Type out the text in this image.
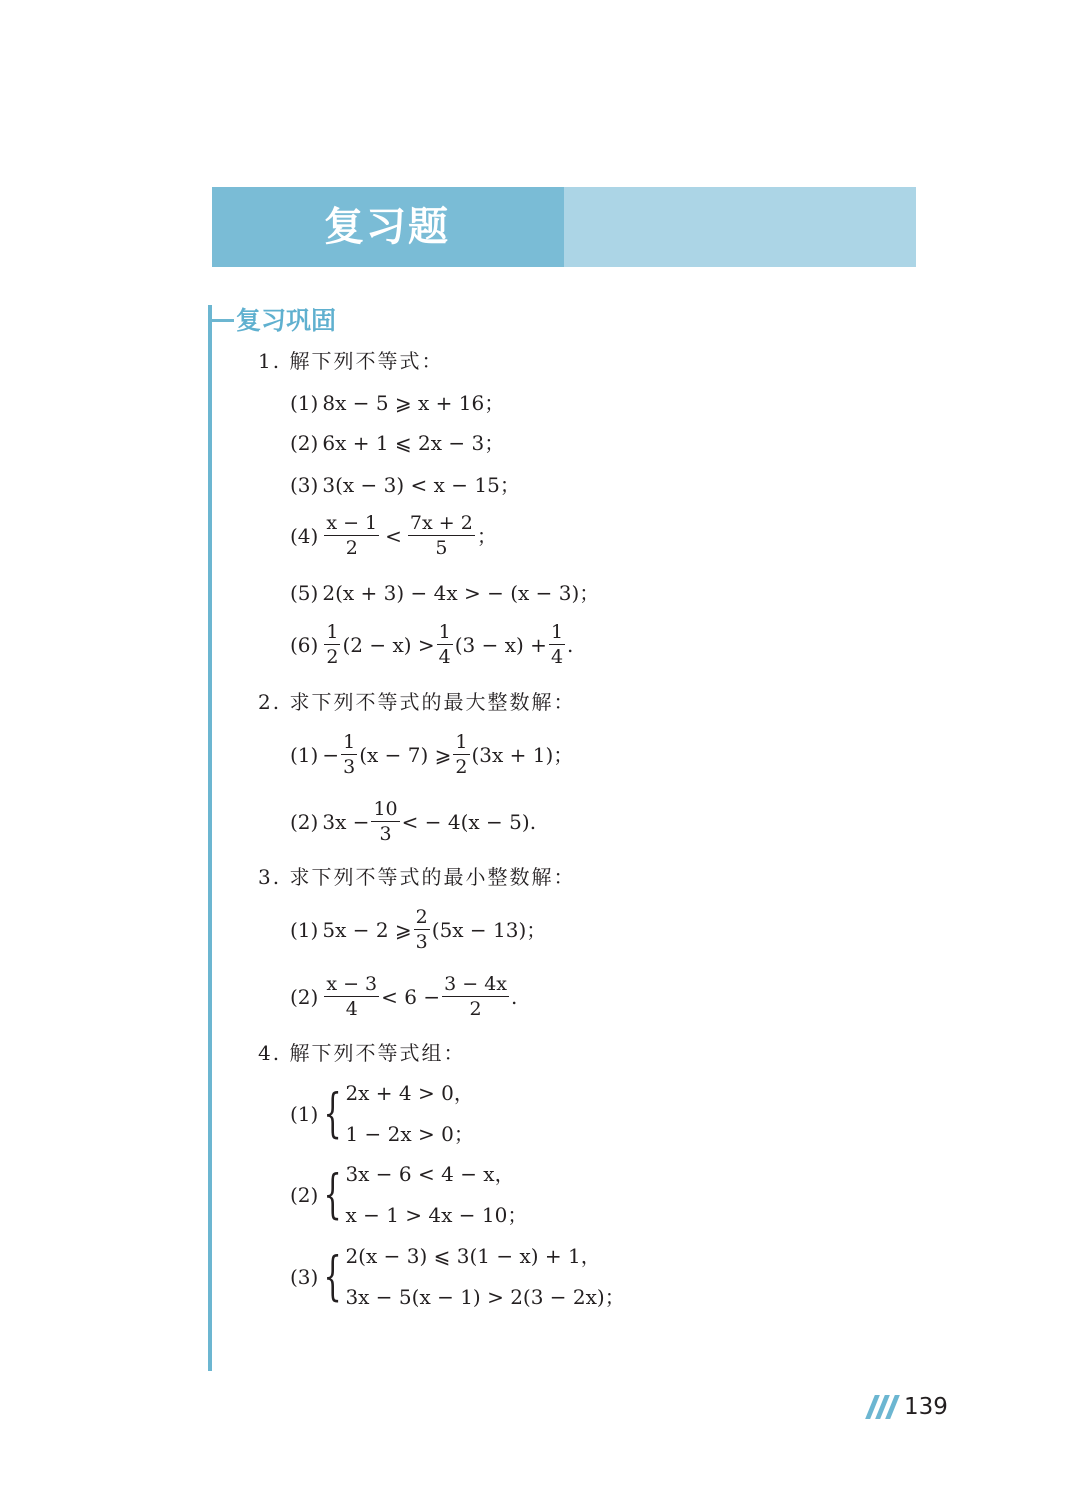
复习题
复习巩固
1. 解下列不等式：
(1) 8x − 5 ⩾ x + 16；
(2) 6x + 1 ⩽ 2x − 3；
(3) 3(x − 3) < x − 15；
$(4) \frac{x - 1}{2} < \frac{7x + 2}{5}$ ；
(5) 2(x + 3) − 4x > − (x − 3)；
$(6) \frac{1}{2} (2 - x) > \frac{1}{4} (3 - x) + \frac{1}{4}$ .
2. 求下列不等式的最大整数解：
$(1) - \frac{1}{3} (x - 7)$ ⩾ $\frac{1}{2} (3x + 1)$；
(2) $3x - \frac{10}{3}$ < − 4(x − 5).
3. 求下列不等式的最小整数解：
(1) 5x − 2 ⩾ $\frac{2}{3} (5x - 13)$；
$(2) \frac{x - 3}{4} < 6 - \frac{3 - 4x}{2}$ .
4. 解下列不等式组：
(1) { 2x + 4 > 0，
1 − 2x > 0；
(2) { 3x − 6 < 4 − x，
x − 1 > 4x − 10；
(3) { 2(x − 3) ⩽ 3(1 − x) + 1，
3x − 5(x − 1) > 2(3 − 2x)；
139
